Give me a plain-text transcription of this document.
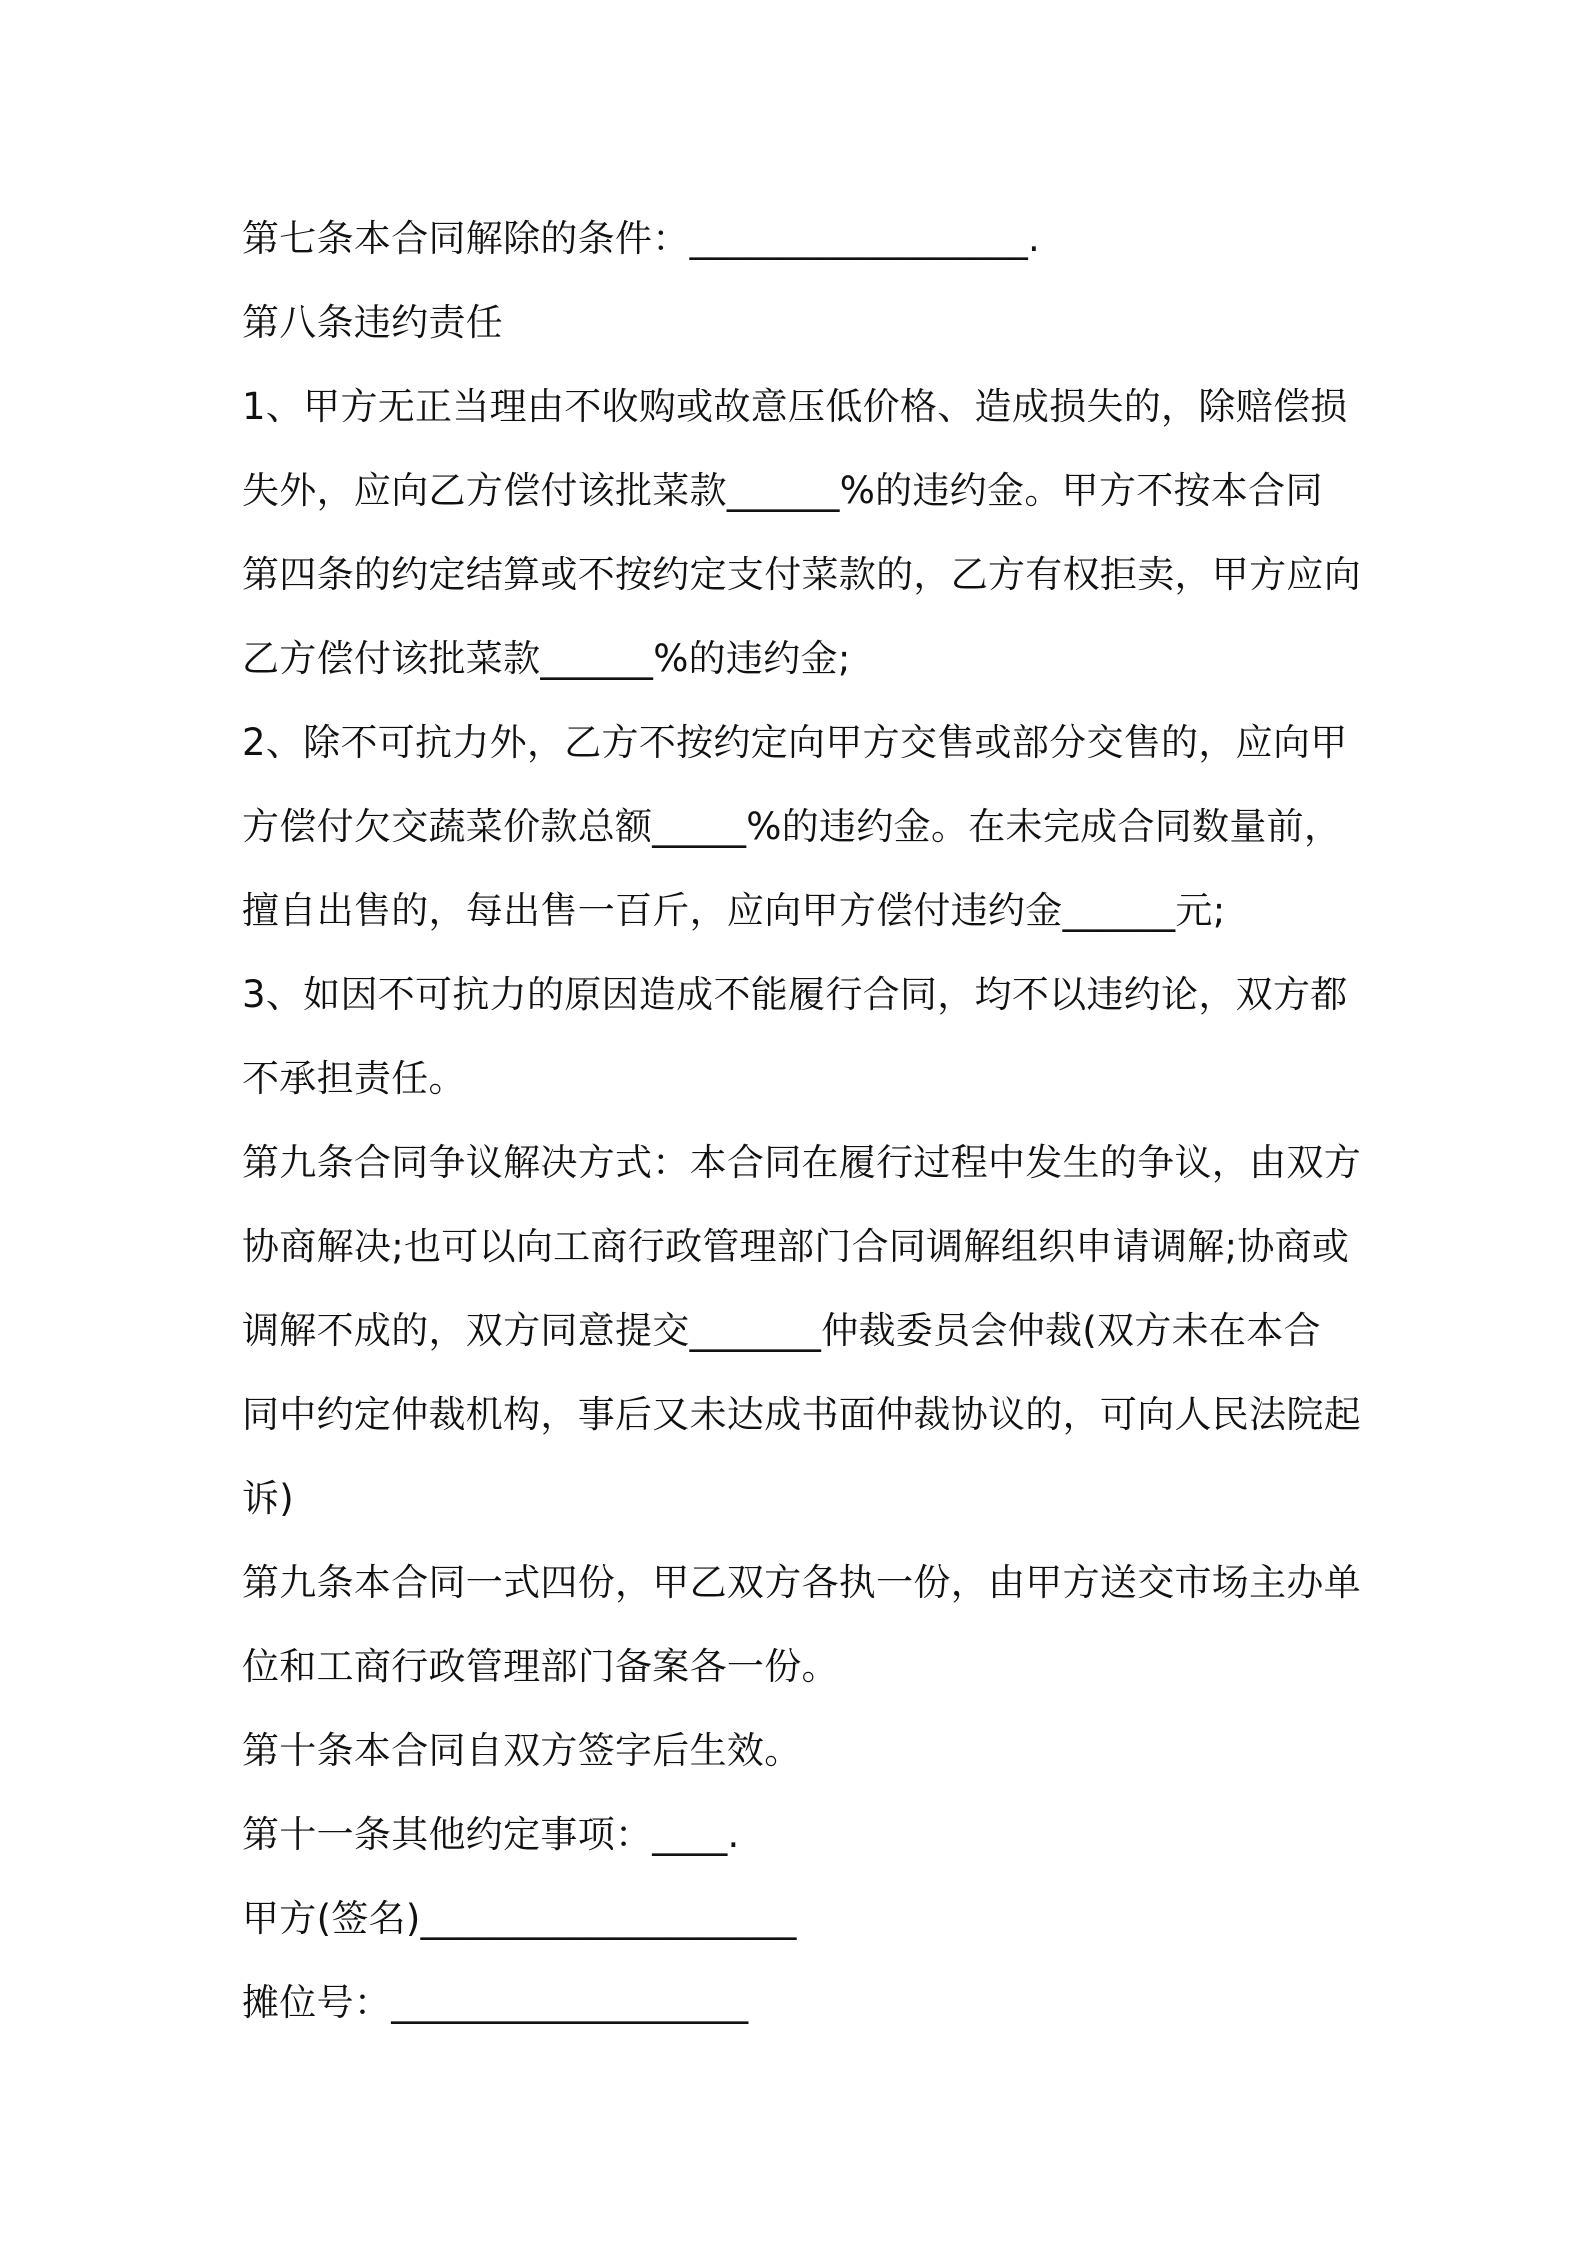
第七条本合同解除的条件：__________________.
第八条违约责任
1、甲方无正当理由不收购或故意压低价格、造成损失的，除赔偿损
失外，应向乙方偿付该批菜款______%的违约金。甲方不按本合同
第四条的约定结算或不按约定支付菜款的，乙方有权拒卖，甲方应向
乙方偿付该批菜款______%的违约金;
2、除不可抗力外，乙方不按约定向甲方交售或部分交售的，应向甲
方偿付欠交蔬菜价款总额_____%的违约金。在未完成合同数量前，
擅自出售的，每出售一百斤，应向甲方偿付违约金______元;
3、如因不可抗力的原因造成不能履行合同，均不以违约论，双方都
不承担责任。
第九条合同争议解决方式：本合同在履行过程中发生的争议，由双方
协商解决;也可以向工商行政管理部门合同调解组织申请调解;协商或
调解不成的，双方同意提交_______仲裁委员会仲裁(双方未在本合
同中约定仲裁机构，事后又未达成书面仲裁协议的，可向人民法院起
诉)
第九条本合同一式四份，甲乙双方各执一份，由甲方送交市场主办单
位和工商行政管理部门备案各一份。
第十条本合同自双方签字后生效。
第十一条其他约定事项：____.
甲方(签名)____________________
摊位号：___________________
